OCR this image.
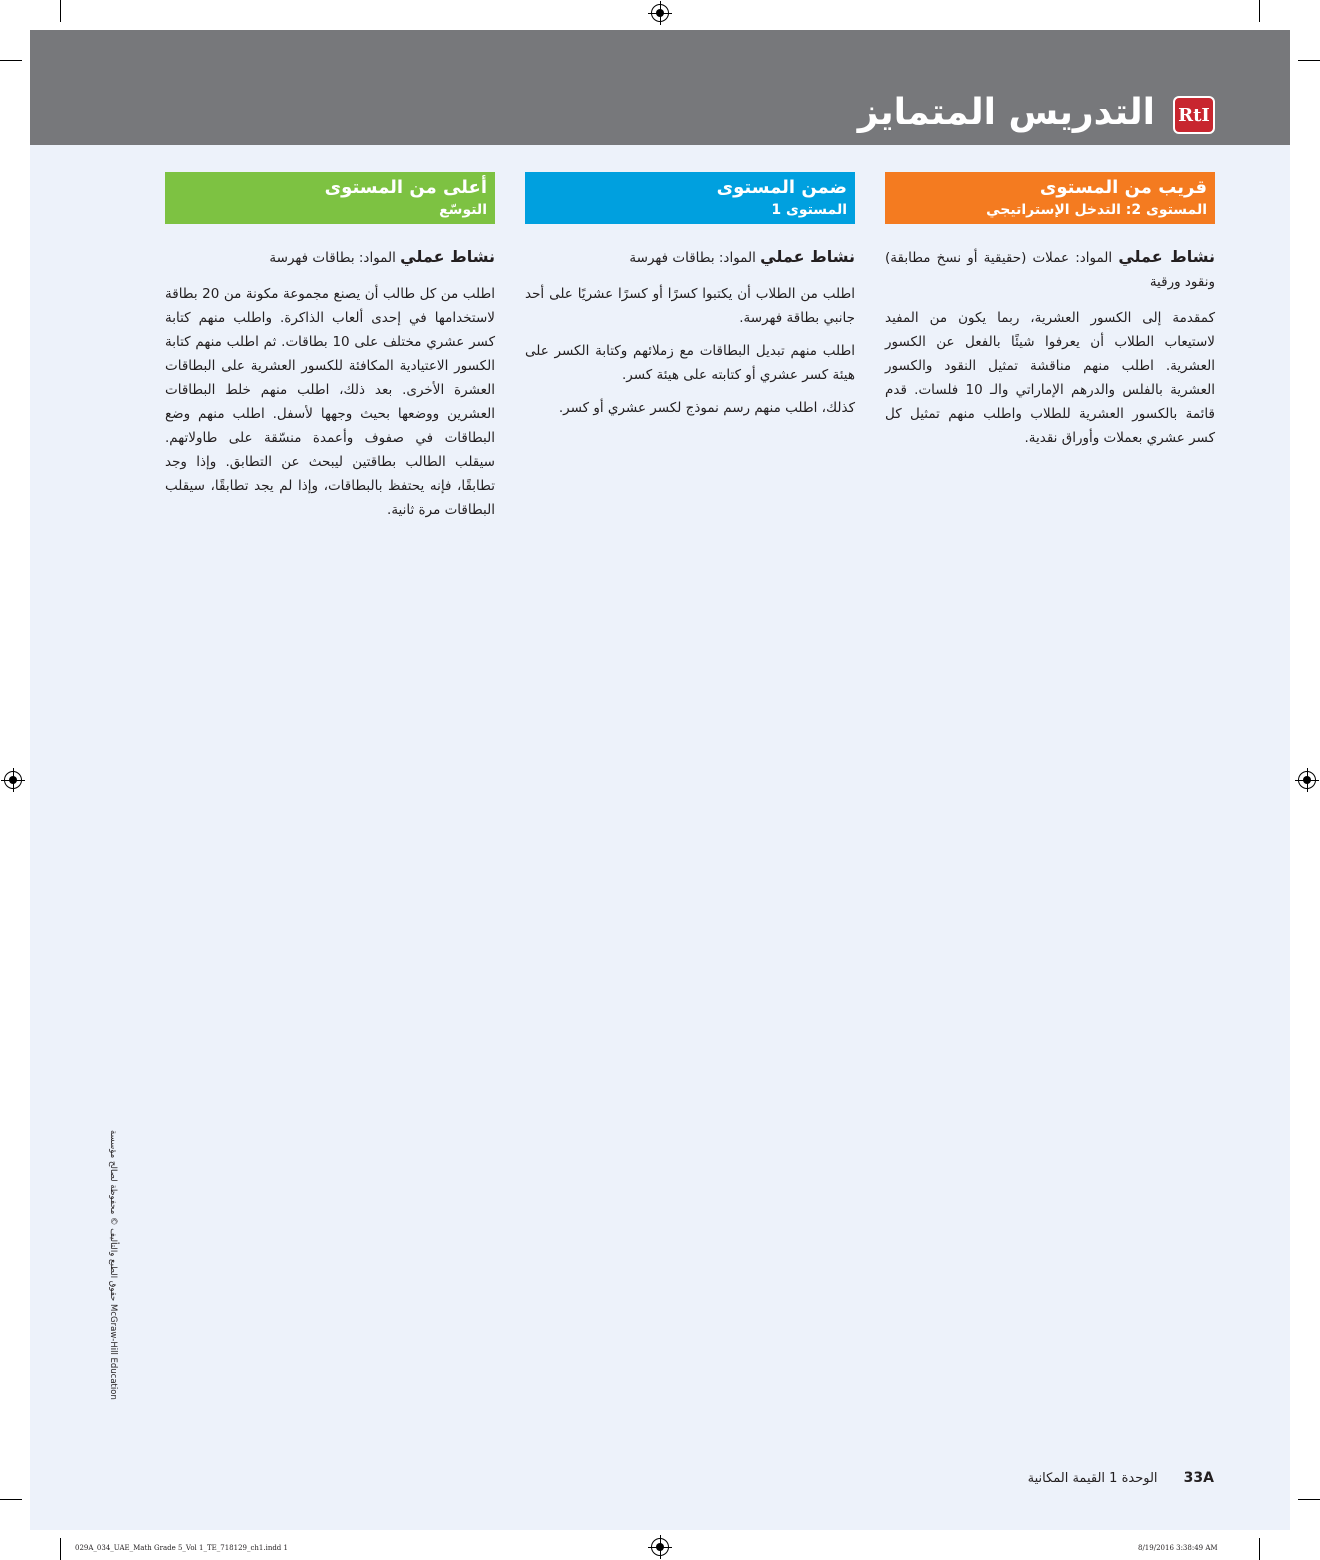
التدريس المتمايز RtI
قريب من المستوى
المستوى 2: التدخل الإستراتيجي
ضمن المستوى
المستوى 1
أعلى من المستوى
التوسّع

نشاط عملي المواد: عملات (حقيقية أو نسخ مطابقة) ونقود ورقية

كمقدمة إلى الكسور العشرية، ربما يكون من المفيد لاستيعاب الطلاب أن يعرفوا شيئًا بالفعل عن الكسور العشرية. اطلب منهم مناقشة تمثيل النقود والكسور العشرية بالفلس والدرهم الإماراتي والـ 10 فلسات. قدم قائمة بالكسور العشرية للطلاب واطلب منهم تمثيل كل كسر عشري بعملات وأوراق نقدية.

نشاط عملي المواد: بطاقات فهرسة

اطلب من الطلاب أن يكتبوا كسرًا أو كسرًا عشريًا على أحد جانبي بطاقة فهرسة.

اطلب منهم تبديل البطاقات مع زملائهم وكتابة الكسر على هيئة كسر عشري أو كتابته على هيئة كسر.

كذلك، اطلب منهم رسم نموذج لكسر عشري أو كسر.

نشاط عملي المواد: بطاقات فهرسة

اطلب من كل طالب أن يصنع مجموعة مكونة من 20 بطاقة لاستخدامها في إحدى ألعاب الذاكرة. واطلب منهم كتابة كسر عشري مختلف على 10 بطاقات. ثم اطلب منهم كتابة الكسور الاعتيادية المكافئة للكسور العشرية على البطاقات العشرة الأخرى. بعد ذلك، اطلب منهم خلط البطاقات العشرين ووضعها بحيث وجهها لأسفل. اطلب منهم وضع البطاقات في صفوف وأعمدة منسّقة على طاولاتهم. سيقلب الطالب بطاقتين ليبحث عن التطابق. وإذا وجد تطابقًا، فإنه يحتفظ بالبطاقات، وإذا لم يجد تطابقًا، سيقلب البطاقات مرة ثانية.

33A الوحدة 1 القيمة المكانية
حقوق الطبع والتأليف © محفوظة لصالح مؤسسة McGraw-Hill Education
029A_034_UAE_Math Grade 5_Vol 1_TE_718129_ch1.indd 1	8/19/2016 3:38:49 AM
